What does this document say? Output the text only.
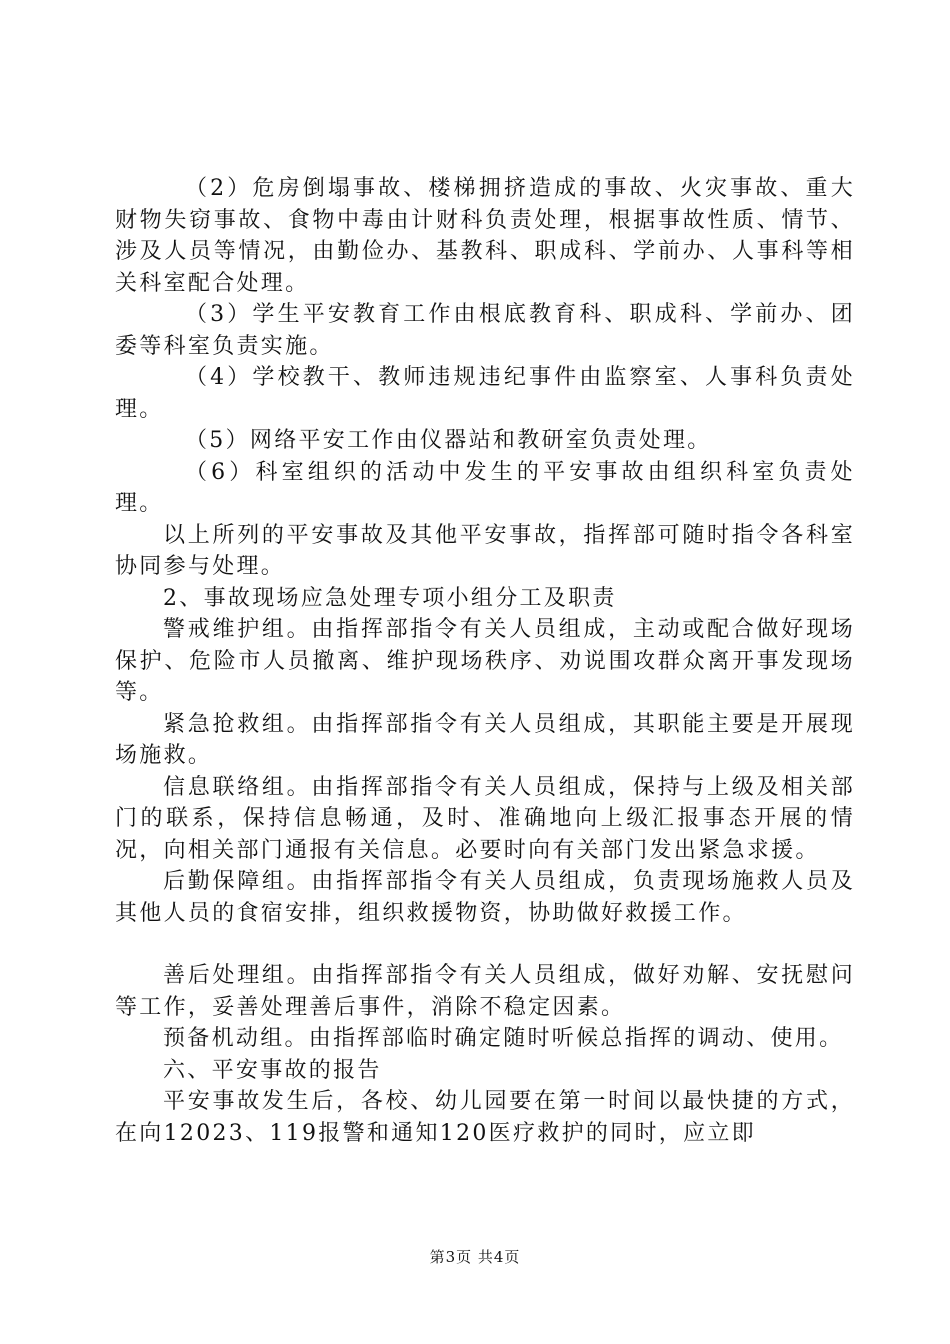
（2）危房倒塌事故、楼梯拥挤造成的事故、火灾事故、重大财物失窃事故、食物中毒由计财科负责处理，根据事故性质、情节、涉及人员等情况，由勤俭办、基教科、职成科、学前办、人事科等相关科室配合处理。

（3）学生平安教育工作由根底教育科、职成科、学前办、团委等科室负责实施。

（4）学校教干、教师违规违纪事件由监察室、人事科负责处理。

（5）网络平安工作由仪器站和教研室负责处理。

（6）科室组织的活动中发生的平安事故由组织科室负责处理。

以上所列的平安事故及其他平安事故，指挥部可随时指令各科室协同参与处理。

2、事故现场应急处理专项小组分工及职责

警戒维护组。由指挥部指令有关人员组成，主动或配合做好现场保护、危险市人员撤离、维护现场秩序、劝说围攻群众离开事发现场等。

紧急抢救组。由指挥部指令有关人员组成，其职能主要是开展现场施救。

信息联络组。由指挥部指令有关人员组成，保持与上级及相关部门的联系，保持信息畅通，及时、准确地向上级汇报事态开展的情况，向相关部门通报有关信息。必要时向有关部门发出紧急求援。

后勤保障组。由指挥部指令有关人员组成，负责现场施救人员及其他人员的食宿安排，组织救援物资，协助做好救援工作。

善后处理组。由指挥部指令有关人员组成，做好劝解、安抚慰问等工作，妥善处理善后事件，消除不稳定因素。

预备机动组。由指挥部临时确定随时听候总指挥的调动、使用。

六、平安事故的报告

平安事故发生后，各校、幼儿园要在第一时间以最快捷的方式，在向12023、119报警和通知120医疗救护的同时，应立即

第3页 共4页
